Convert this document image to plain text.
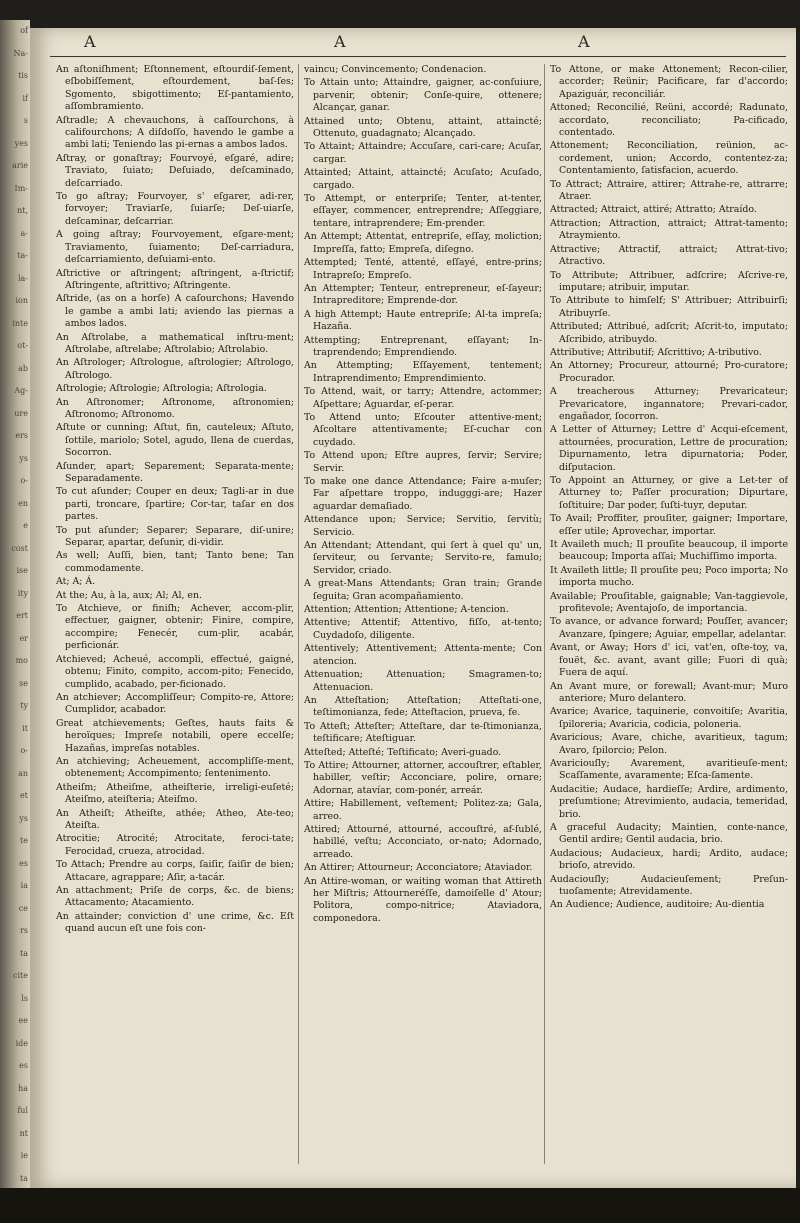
of
Na-
tis
if
s
yes
arie
Im-
nt,
a-
ta-
la-
ion
inte
ot-
ab
Ag-
ure
ers
ys
o-
en
e
cost
ise
ity
ert
er
mo
se
ty
it
o-
an
et
ys
te
es
ia
ce
rs
ta
cite
ls
ee
ide
es
ha
ful
nt
ie
ta
A	A	A
An aſtoniſhment; Eſtonnement, eſtourdiſ-ſement, eſbobiſſement, eſtourdement, baſ-ſes; Sgomento, sbigottimento; Eſ-pantamiento, aſſombramiento.
Aſtradle; A chevauchons, à caſſourchons, à califourchons; A diſdoſſo, havendo le gambe a ambi lati; Teniendo las pi-ernas a ambos lados.
Aſtray, or gonaſtray; Fourvoyé, eſgaré, adire; Traviato, ſuiato; Deſuiado, deſcaminado, deſcarriado.
To go aſtray; Fourvoyer, s' eſgarer, adi-rer, forvoyer; Traviarſe, ſuiarſe; Deſ-uiarſe, deſcaminar, deſcarriar.
A going aſtray; Fourvoyement, eſgare-ment; Traviamento, ſuiamento; Deſ-carriadura, deſcarriamiento, deſuiami-ento.
Aſtrictive or aſtringent; aſtringent, a-ſtrictif; Aſtringente, aſtrittivo; Aſtringente.
Aſtride, (as on a horſe) A caſourchons; Havendo le gambe a ambi lati; aviendo las piernas a ambos lados.
An Aſtrolabe, a mathematical inſtru-ment; Aſtrolabe, aſtrelabe; Aſtrolabio; Aſtrolabio.
An Aſtrologer; Aſtrologue, aſtrologier; Aſtrologo, Aſtrologo.
Aſtrologie; Aſtrologie; Aſtrologia; Aſtrologia.
An Aſtronomer; Aſtronome, aſtronomien; Aſtronomo; Aſtronomo.
Aſtute or cunning; Aſtut, fin, cauteleux; Aſtuto, ſottile, mariolo; Sotel, agudo, llena de cuerdas, Socorron.
Aſunder, apart; Separement; Separata-mente; Separadamente.
To cut aſunder; Couper en deux; Tagli-ar in due parti, troncare, ſpartire; Cor-tar, taſar en dos partes.
To put aſunder; Separer; Separare, diſ-unire; Separar, apartar, deſunir, di-vidir.
As well; Auſſi, bien, tant; Tanto bene; Tan commodamente.
At; A; Á.
At the; Au, à la, aux; Al; Al, en.
To Atchieve, or finiſh; Achever, accom-plir, effectuer, gaigner, obtenir; Finire, compire, accompire; Fenecér, cum-plir, acabár, perficionár.
Atchieved; Acheué, accompli, effectué, gaigné, obtenu; Finito, compito, accom-pito; Fenecido, cumplido, acabado, per-ficionado.
An atchiever; Accompliſſeur; Compito-re, Attore; Cumplidor, acabador.
Great atchievements; Geſtes, hauts faits & heroïques; Impreſe notabili, opere eccelſe; Hazañas, impreſas notables.
An atchieving; Acheuement, accompliſſe-ment, obtenement; Accompimento; ſentenimento.
Atheiſm; Atheiſme, atheiſterie, irreligi-euſeté; Ateiſmo, ateiſteria; Ateiſmo.
An Atheiſt; Atheiſte, athée; Atheo, Ate-teo; Ateiſta.
Atrocitie; Atrocité; Atrocitate, feroci-tate; Ferocidad, crueza, atrocidad.
To Attach; Prendre au corps, ſaiſir, ſaiſir de bien; Attacare, agrappare; Aſir, a-tacár.
An attachment; Priſe de corps, &c. de biens; Attacamento; Atacamiento.
An attainder; conviction d' une crime, &c. Eſt quand aucun eſt une fois con-
vaincu; Convincemento; Condenacion.
To Attain unto; Attaindre, gaigner, ac-conſuiure, parvenir, obtenir; Conſe-quire, ottenere; Alcançar, ganar.
Attained unto; Obtenu, attaint, attaincté; Ottenuto, guadagnato; Alcançado.
To Attaint; Attaindre; Accuſare, cari-care; Acuſar, cargar.
Attainted; Attaint, attaincté; Acuſato; Acuſado, cargado.
To Attempt, or enterpriſe; Tenter, at-tenter, eſſayer, commencer, entreprendre; Aſſeggiare, tentare, intraprendere; Em-prender.
An Attempt; Attentat, entrepriſe, eſſay, moliction; Impreſſa, fatto; Empreſa, diſegno.
Attempted; Tenté, attenté, eſſayé, entre-prins; Intrapreſo; Empreſo.
An Attempter; Tenteur, entrepreneur, eſ-ſayeur; Intrapreditore; Emprende-dor.
A high Attempt; Haute entrepriſe; Al-ta impreſa; Hazaña.
Attempting; Entreprenant, eſſayant; In-traprendendo; Emprendiendo.
An Attempting; Eſſayement, tentement; Intraprendimento; Emprendimiento.
To Attend, wait, or tarry; Attendre, actommer; Aſpettare; Aguardar, eſ-perar.
To Attend unto; Eſcouter attentive-ment; Aſcoltare attentivamente; Eſ-cuchar con cuydado.
To Attend upon; Eſtre aupres, ſervir; Servire; Servir.
To make one dance Attendance; Faire a-muſer; Far aſpettare troppo, indugggi-are; Hazer aguardar demaſiado.
Attendance upon; Service; Servitio, ſervitù; Servicio.
An Attendant; Attendant, qui ſert à quel qu' un, ſerviteur, ou ſervante; Servito-re, famulo; Servidor, criado.
A great-Mans Attendants; Gran train; Grande ſeguita; Gran acompañamiento.
Attention; Attention; Attentione; A-tencion.
Attentive; Attentif; Attentivo, fiſſo, at-tento; Cuydadoſo, diligente.
Attentively; Attentivement; Attenta-mente; Con atencion.
Attenuation; Attenuation; Smagramen-to; Attenuacion.
An Atteſtation; Atteſtation; Atteſtati-one, teſtimonianza, fede; Atteſtacion, prueva, fe.
To Atteſt; Atteſter; Atteſtare, dar te-ſtimonianza, teſtificare; Ateſtiguar.
Atteſted; Atteſté; Teſtificato; Averi-guado.
To Attire; Attourner, attorner, accouſtrer, eſtabler, habiller, veſtir; Acconciare, polire, ornare; Adornar, atavíar, com-ponér, arreár.
Attire; Habillement, veſtement; Politez-za; Gala, arreo.
Attired; Attourné, attourné, accouſtré, af-ſublé, habillé, veſtu; Acconciato, or-nato; Adornado, arreado.
An Attirer; Attourneur; Acconciatore; Ataviador.
An Attire-woman, or waiting woman that Attireth her Miſtris; Attourneréſſe, damoiſelle d' Atour; Politora, compo-nitrice; Ataviadora, componedora.
To Attone, or make Attonement; Recon-cilier, accorder; Reünir; Pacificare, far d'accordo; Apaziguár, reconciliár.
Attoned; Reconcilié, Reüni, accordé; Radunato, accordato, reconciliato; Pa-cificado, contentado.
Attonement; Reconciliation, reünion, ac-cordement, union; Accordo, contentez-za; Contentamiento, ſatisfacion, acuerdo.
To Attract; Attraire, attirer; Attrahe-re, attrarre; Atraer.
Attracted; Attraict, attiré; Attratto; Atraído.
Attraction; Attraction, attraict; Attrat-tamento; Atraymiento.
Attractive; Attractif, attraict; Attrat-tivo; Atractivo.
To Attribute; Attribuer, adſcrire; Aſcrive-re, imputare; atribuir, imputar.
To Attribute to himſelf; S' Attribuer; Attribuirſi; Atribuyrſe.
Attributed; Attribué, adſcrit; Aſcrit-to, imputato; Aſcribido, atribuydo.
Attributive; Attributif; Aſcrittivo; A-tributivo.
An Attorney; Procureur, attourné; Pro-curatore; Procurador.
A treacherous Atturney; Prevaricateur; Prevaricatore, ingannatore; Prevari-cador, engañador, ſocorron.
A Letter of Atturney; Lettre d' Acqui-eſcement, attournées, procuration, Lettre de procuration; Dipurnamento, letra dipurnatoria; Poder, diſputacion.
To Appoint an Atturney, or give a Let-ter of Atturney to; Paſſer procuration; Dipurtare, ſoſtituire; Dar poder, ſuſti-tuyr, deputar.
To Avail; Proffiter, prouſiter, gaigner; Importare, eſſer utile; Aprovechar, importar.
It Availeth much; Il prouſite beaucoup, il importe beaucoup; Importa aſſai; Muchiſſimo importa.
It Availeth little; Il prouſite peu; Poco importa; No importa mucho.
Available; Prouſitable, gaignable; Van-taggievole, profitevole; Aventajoſo, de importancia.
To avance, or advance forward; Pouſſer, avancer; Avanzare, ſpingere; Aguiar, empellar, adelantar.
Avant, or Away; Hors d' ici, vat'en, oſte-toy, va, fouët, &c. avant, avant gille; Fuori di quà; Fuera de aquí.
An Avant mure, or forewall; Avant-mur; Muro anteriore; Muro delantero.
Avarice; Avarice, taquinerie, convoitiſe; Avaritia, ſpiloreria; Avaricia, codicia, poloneria.
Avaricious; Avare, chiche, avaritieux, tagum; Avaro, ſpilorcio; Pelon.
Avariciouſly; Avarement, avaritieuſe-ment; Scaſſamente, avaramente; Eſca-ſamente.
Audacitie; Audace, hardieſſe; Ardire, ardimento, preſumtione; Atrevimiento, audacia, temeridad, brio.
A graceful Audacity; Maintien, conte-nance, Gentil ardire; Gentil audacia, brio.
Audacious; Audacieux, hardi; Ardito, audace; brioſo, atrevido.
Audaciouſly; Audacieuſement; Preſun-tuoſamente; Atrevidamente.
An Audience; Audience, auditoire; Au-dientia
